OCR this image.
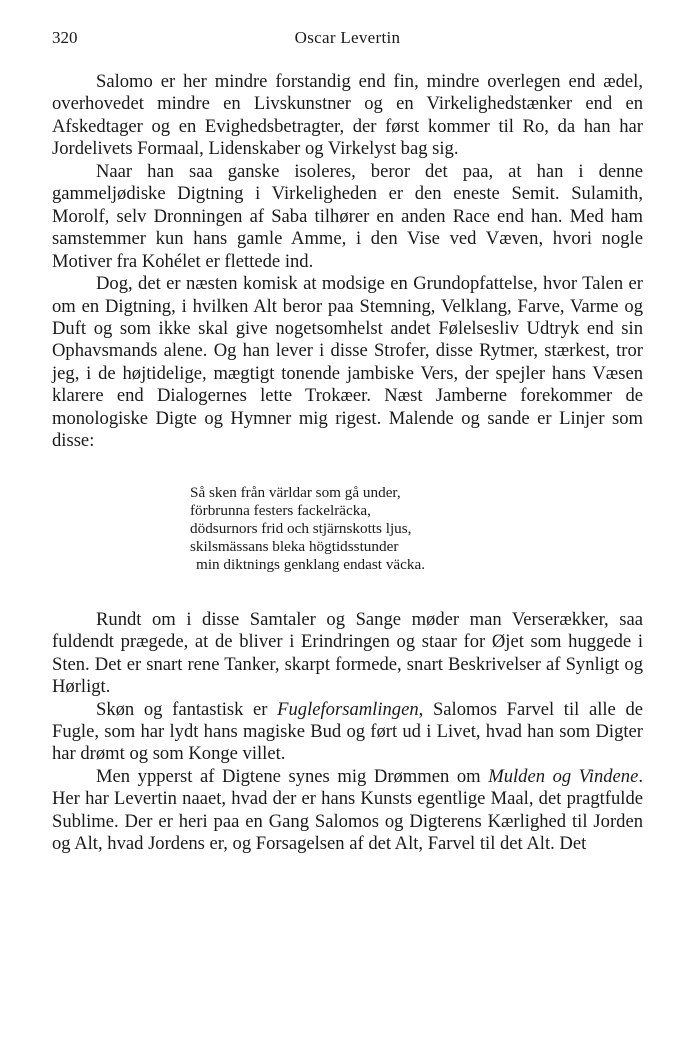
320	Oscar Levertin

Salomo er her mindre forstandig end fin, mindre overlegen end ædel, overhovedet mindre en Livskunstner og en Virkelighedstænker end en Afskedtager og en Evighedsbetragter, der først kommer til Ro, da han har Jordelivets Formaal, Lidenskaber og Virkelyst bag sig.

Naar han saa ganske isoleres, beror det paa, at han i denne gammeljødiske Digtning i Virkeligheden er den eneste Semit. Sulamith, Morolf, selv Dronningen af Saba tilhører en anden Race end han. Med ham samstemmer kun hans gamle Amme, i den Vise ved Væven, hvori nogle Motiver fra Kohélet er flettede ind.

Dog, det er næsten komisk at modsige en Grundopfattelse, hvor Talen er om en Digtning, i hvilken Alt beror paa Stemning, Velklang, Farve, Varme og Duft og som ikke skal give nogetsomhelst andet Følelsesliv Udtryk end sin Ophavsmands alene. Og han lever i disse Strofer, disse Rytmer, stærkest, tror jeg, i de højtidelige, mægtigt tonende jambiske Vers, der spejler hans Væsen klarere end Dialogernes lette Trokæer. Næst Jamberne forekommer de monologiske Digte og Hymner mig rigest. Malende og sande er Linjer som disse:

Så sken från världar som gå under,
förbrunna festers fackelräcka,
dödsurnors frid och stjärnskotts ljus,
skilsmässans bleka högtidsstunder
min diktnings genklang endast väcka.

Rundt om i disse Samtaler og Sange møder man Verserækker, saa fuldendt prægede, at de bliver i Erindringen og staar for Øjet som huggede i Sten. Det er snart rene Tanker, skarpt formede, snart Beskrivelser af Synligt og Hørligt.

Skøn og fantastisk er Fugleforsamlingen, Salomos Farvel til alle de Fugle, som har lydt hans magiske Bud og ført ud i Livet, hvad han som Digter har drømt og som Konge villet.

Men ypperst af Digtene synes mig Drømmen om Mulden og Vindene. Her har Levertin naaet, hvad der er hans Kunsts egentlige Maal, det pragtfulde Sublime. Der er heri paa en Gang Salomos og Digterens Kærlighed til Jorden og Alt, hvad Jordens er, og Forsagelsen af det Alt, Farvel til det Alt. Det
